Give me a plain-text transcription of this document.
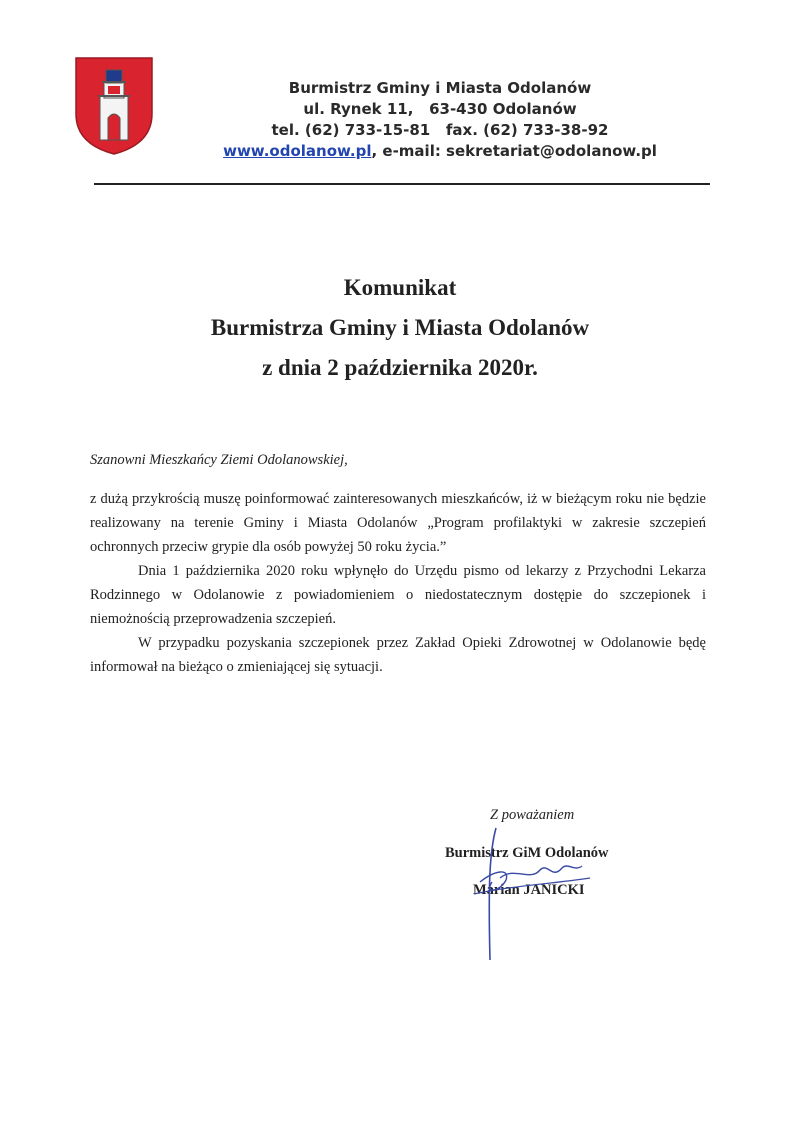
Burmistrz Gminy i Miasta Odolanów
ul. Rynek 11,   63-430 Odolanów
tel. (62) 733-15-81   fax. (62) 733-38-92
www.odolanow.pl, e-mail: sekretariat@odolanow.pl
Komunikat
Burmistrza Gminy i Miasta Odolanów
z dnia 2 października 2020r.
Szanowni Mieszkańcy Ziemi Odolanowskiej,

z dużą przykrością muszę poinformować zainteresowanych mieszkańców, iż w bieżącym roku nie będzie realizowany na terenie Gminy i Miasta Odolanów „Program profilaktyki w zakresie szczepień ochronnych przeciw grypie dla osób powyżej 50 roku życia.”

Dnia 1 października 2020 roku wpłynęło do Urzędu pismo od lekarzy z Przychodni Lekarza Rodzinnego w Odolanowie z powiadomieniem o niedostatecznym dostępie do szczepionek i niemożnością przeprowadzenia szczepień.

W przypadku pozyskania szczepionek przez Zakład Opieki Zdrowotnej w Odolanowie będę informował na bieżąco o zmieniającej się sytuacji.

Z poważaniem
Burmistrz GiM Odolanów
Marian JANICKI
